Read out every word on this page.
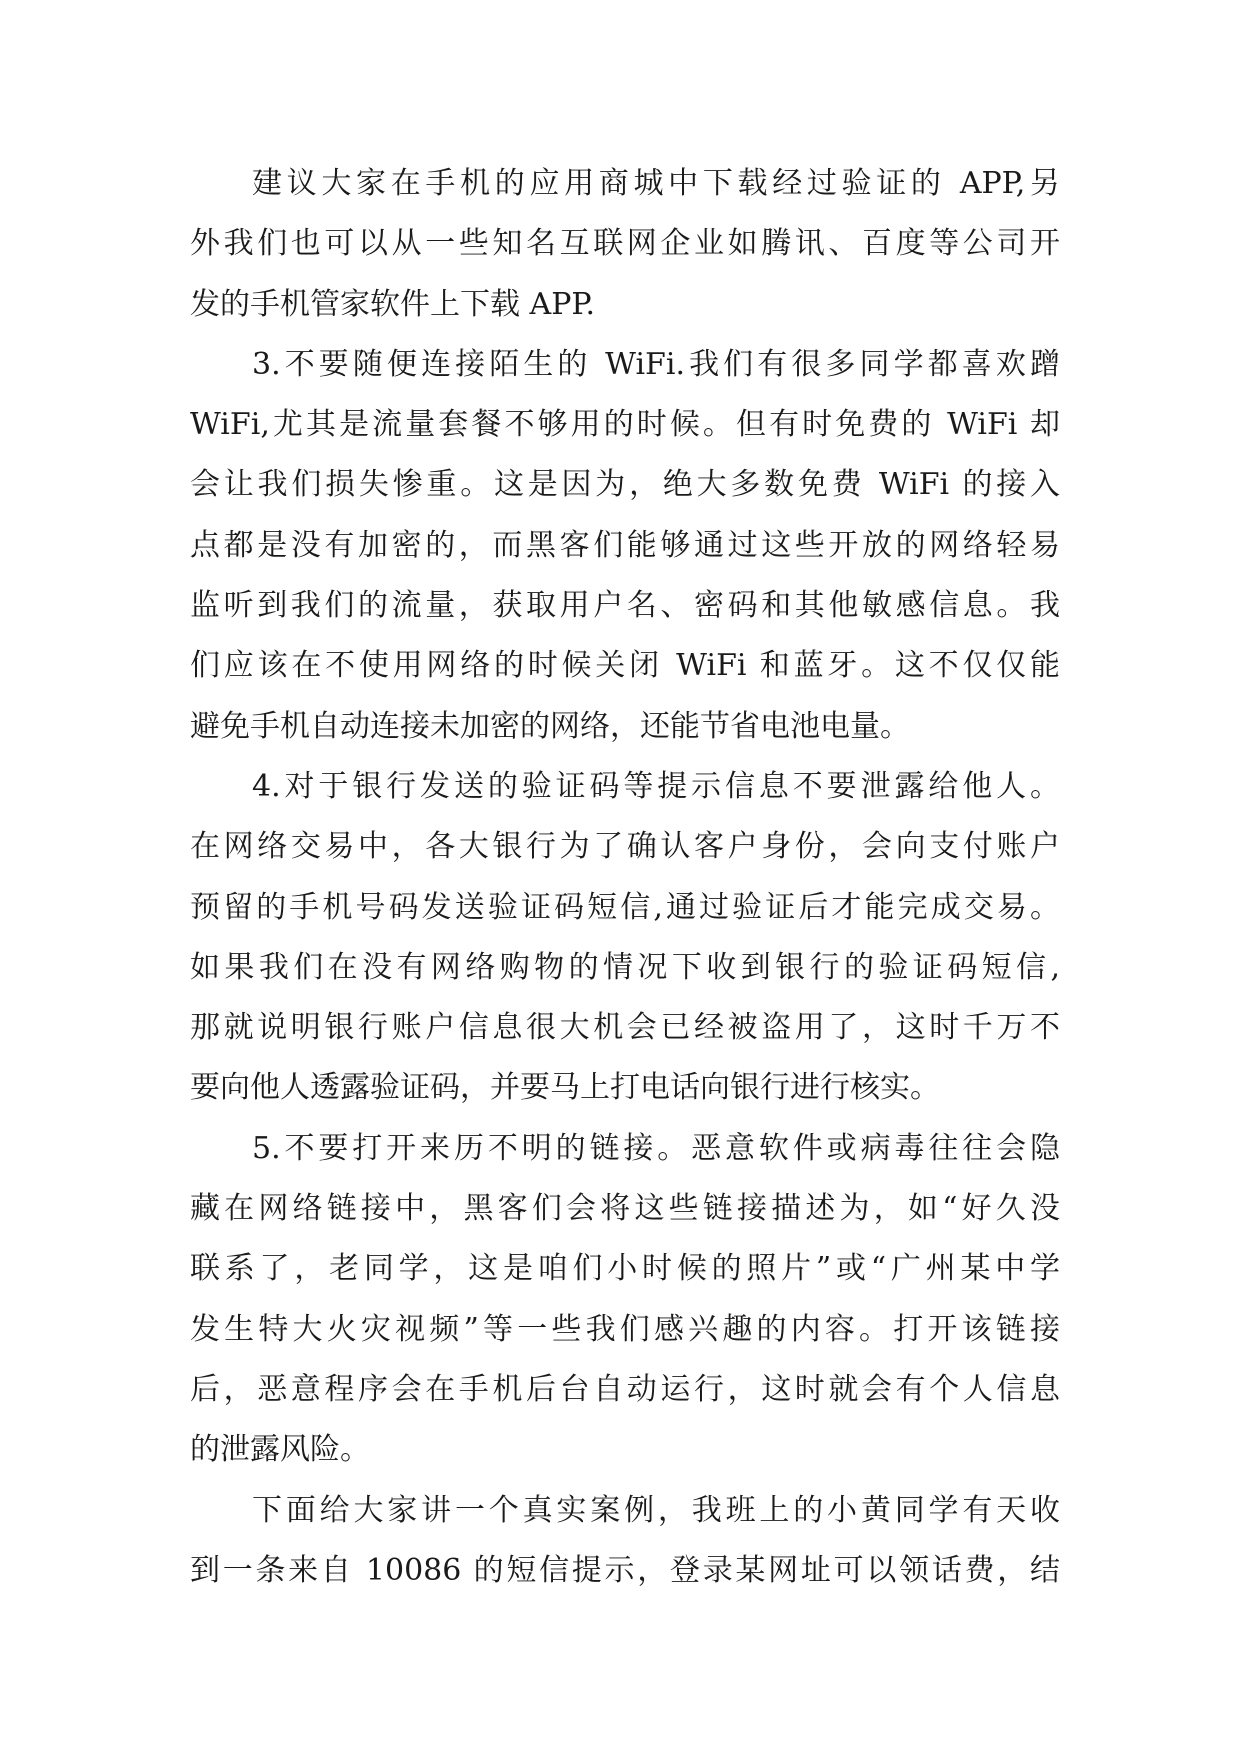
建议大家在手机的应用商城中下载经过验证的 APP,另
外我们也可以从一些知名互联网企业如腾讯、百度等公司开
发的手机管家软件上下载 APP.
3.不要随便连接陌生的 WiFi.我们有很多同学都喜欢蹭
WiFi,尤其是流量套餐不够用的时候。但有时免费的 WiFi 却
会让我们损失惨重。这是因为，绝大多数免费 WiFi 的接入
点都是没有加密的，而黑客们能够通过这些开放的网络轻易
监听到我们的流量，获取用户名、密码和其他敏感信息。我
们应该在不使用网络的时候关闭 WiFi 和蓝牙。这不仅仅能
避免手机自动连接未加密的网络，还能节省电池电量。
4.对于银行发送的验证码等提示信息不要泄露给他人。
在网络交易中，各大银行为了确认客户身份，会向支付账户
预留的手机号码发送验证码短信,通过验证后才能完成交易。
如果我们在没有网络购物的情况下收到银行的验证码短信,
那就说明银行账户信息很大机会已经被盗用了，这时千万不
要向他人透露验证码，并要马上打电话向银行进行核实。
5.不要打开来历不明的链接。恶意软件或病毒往往会隐
藏在网络链接中，黑客们会将这些链接描述为，如“好久没
联系了，老同学，这是咱们小时候的照片”或“广州某中学
发生特大火灾视频”等一些我们感兴趣的内容。打开该链接
后，恶意程序会在手机后台自动运行，这时就会有个人信息
的泄露风险。
下面给大家讲一个真实案例，我班上的小黄同学有天收
到一条来自 10086 的短信提示，登录某网址可以领话费，结
